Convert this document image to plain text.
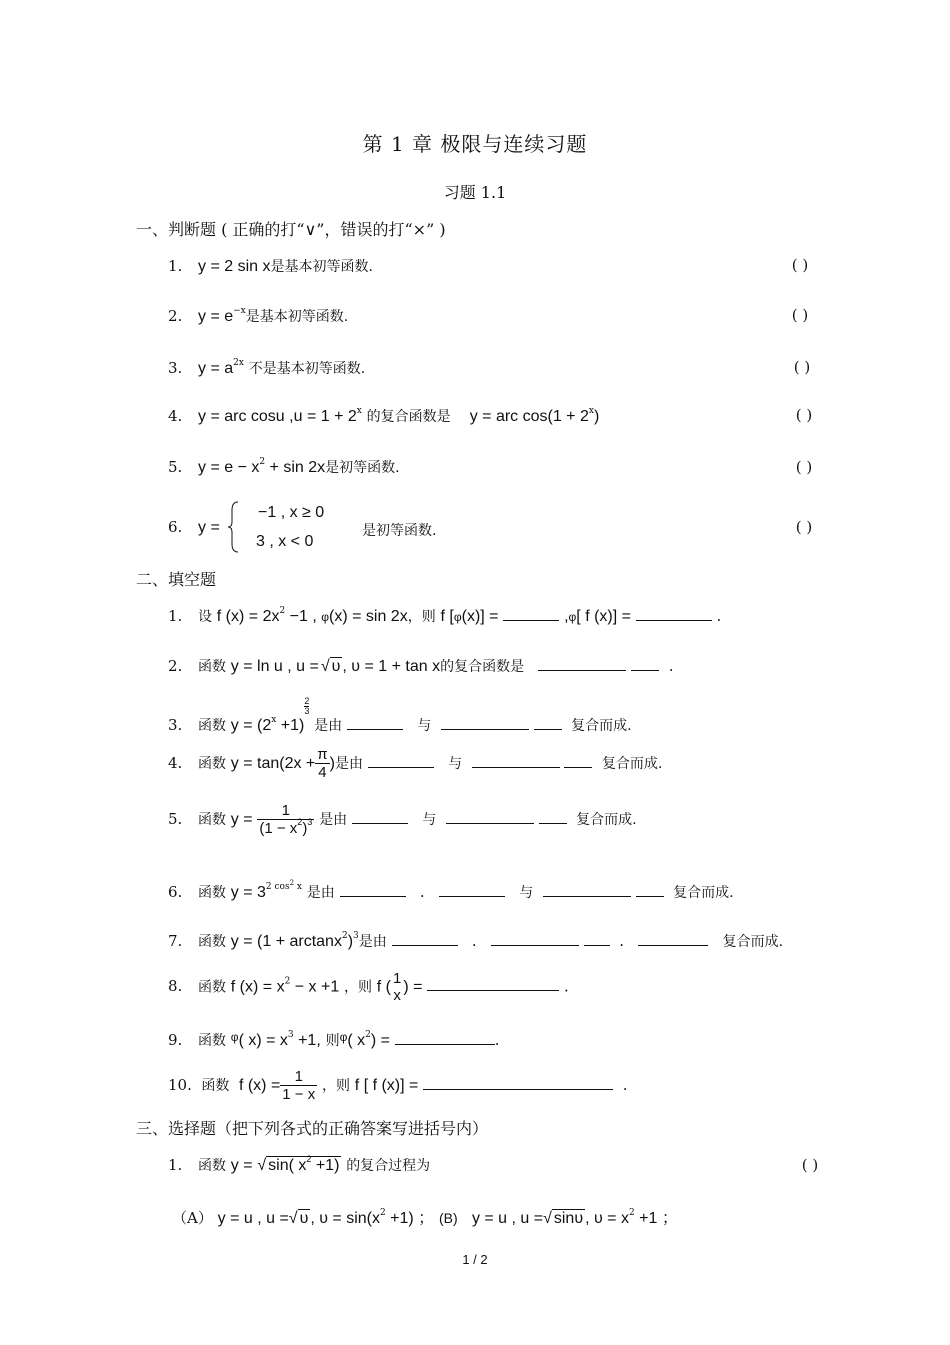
第 1 章 极限与连续习题
习题 1.1
一、判断题 ( 正确的打“∨”，错误的打“×” )
1. y = 2 sin x是基本初等函数.	( )
2. $y = e^{-x}$是基本初等函数.	( )
3. $y = a^{2x}$ 不是基本初等函数.	( )
4. y = arc cosu $,u = 1 + 2^x$ 的复合函数是 y = arc $\cos(1 + 2^x)$	( )
5. $y = e - x^2 + \sin 2x$是初等函数.	( )
6. y =
−1 , x ≥ 0
3 , x < 0
是初等函数.	( )
二、填空题
1. 设 f $(x) = 2x^2 -1$ , φ(x) = sin 2x，则 f [φ(x)] =	,φ[ f (x)] =	.
2. 函数 y = ln u , u = √ υ , υ = 1 + tan x的复合函数是	.
3. 函数 $y = (2^x +1)$
$\frac{2}{3}$
是由	与	复合而成.
4. 函数 $y = \tan(2x + \frac{\pi}{4}$ )是由	与	复合而成.
5. 函数 $y = \frac{1}{(1 - x^2)^3}$ 是由	与	复合而成.
6. 函数 $y = 3^{2 cos2}$ $^x$ 是由	.	与	复合而成.
7. 函数 $y = (1 + \arctan x^2)^3$是由	.	.	复合而成.
8. 函数 f $(x) = x^2 - x +1$ ，则 f ( 1
x
) =	.
9. 函数 $^\varphi$( $x) = x^3 +1$, 则$^\varphi$( $x^2$) =	.
10. 函数 f $(x) = \frac{1}{1 - x}$ ，则 f [ f (x)] =	.
三、选择题（把下列各式的正确答案写进括号内）
1. 函数 y = √ sin( $x^2 +1$) 的复合过程为	( )
（A） y = u , u =√ υ , $\upsilon = \sin(x^2 +1)$ ； (B) y = u , u =√ sinυ , $\upsilon = x^2 +1$ ；
1 / 2
